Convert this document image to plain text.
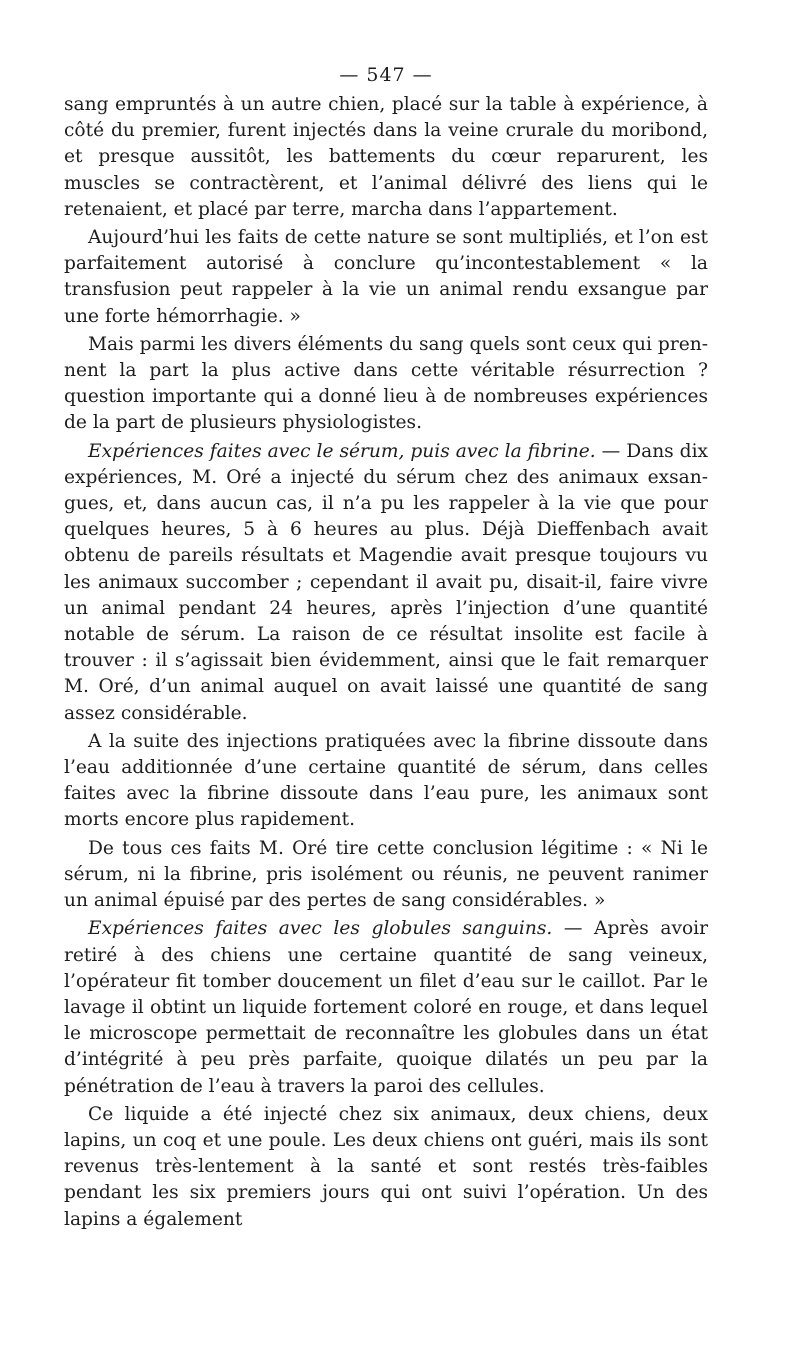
— 547 —

sang empruntés à un autre chien, placé sur la table à expérience, à côté du premier, furent injectés dans la veine crurale du moribond, et presque aussitôt, les battements du cœur reparurent, les muscles se contractèrent, et l’animal délivré des liens qui le retenaient, et placé par terre, marcha dans l’appartement.

Aujourd’hui les faits de cette nature se sont multipliés, et l’on est parfaitement autorisé à conclure qu’incontestablement « la transfusion peut rappeler à la vie un animal rendu exsangue par une forte hémorrhagie. »

Mais parmi les divers éléments du sang quels sont ceux qui prennent la part la plus active dans cette véritable résurrection ? question importante qui a donné lieu à de nombreuses expériences de la part de plusieurs physiologistes.

Expériences faites avec le sérum, puis avec la fibrine. — Dans dix expériences, M. Oré a injecté du sérum chez des animaux exsangues, et, dans aucun cas, il n’a pu les rappeler à la vie que pour quelques heures, 5 à 6 heures au plus. Déjà Dieffenbach avait obtenu de pareils résultats et Magendie avait presque toujours vu les animaux succomber ; cependant il avait pu, disait-il, faire vivre un animal pendant 24 heures, après l’injection d’une quantité notable de sérum. La raison de ce résultat insolite est facile à trouver : il s’agissait bien évidemment, ainsi que le fait remarquer M. Oré, d’un animal auquel on avait laissé une quantité de sang assez considérable.

A la suite des injections pratiquées avec la fibrine dissoute dans l’eau additionnée d’une certaine quantité de sérum, dans celles faites avec la fibrine dissoute dans l’eau pure, les animaux sont morts encore plus rapidement.

De tous ces faits M. Oré tire cette conclusion légitime : « Ni le sérum, ni la fibrine, pris isolément ou réunis, ne peuvent ranimer un animal épuisé par des pertes de sang considérables. »

Expériences faites avec les globules sanguins. — Après avoir retiré à des chiens une certaine quantité de sang veineux, l’opérateur fit tomber doucement un filet d’eau sur le caillot. Par le lavage il obtint un liquide fortement coloré en rouge, et dans lequel le microscope permettait de reconnaître les globules dans un état d’intégrité à peu près parfaite, quoique dilatés un peu par la pénétration de l’eau à travers la paroi des cellules.

Ce liquide a été injecté chez six animaux, deux chiens, deux lapins, un coq et une poule. Les deux chiens ont guéri, mais ils sont revenus très-lentement à la santé et sont restés très-faibles pendant les six premiers jours qui ont suivi l’opération. Un des lapins a également
